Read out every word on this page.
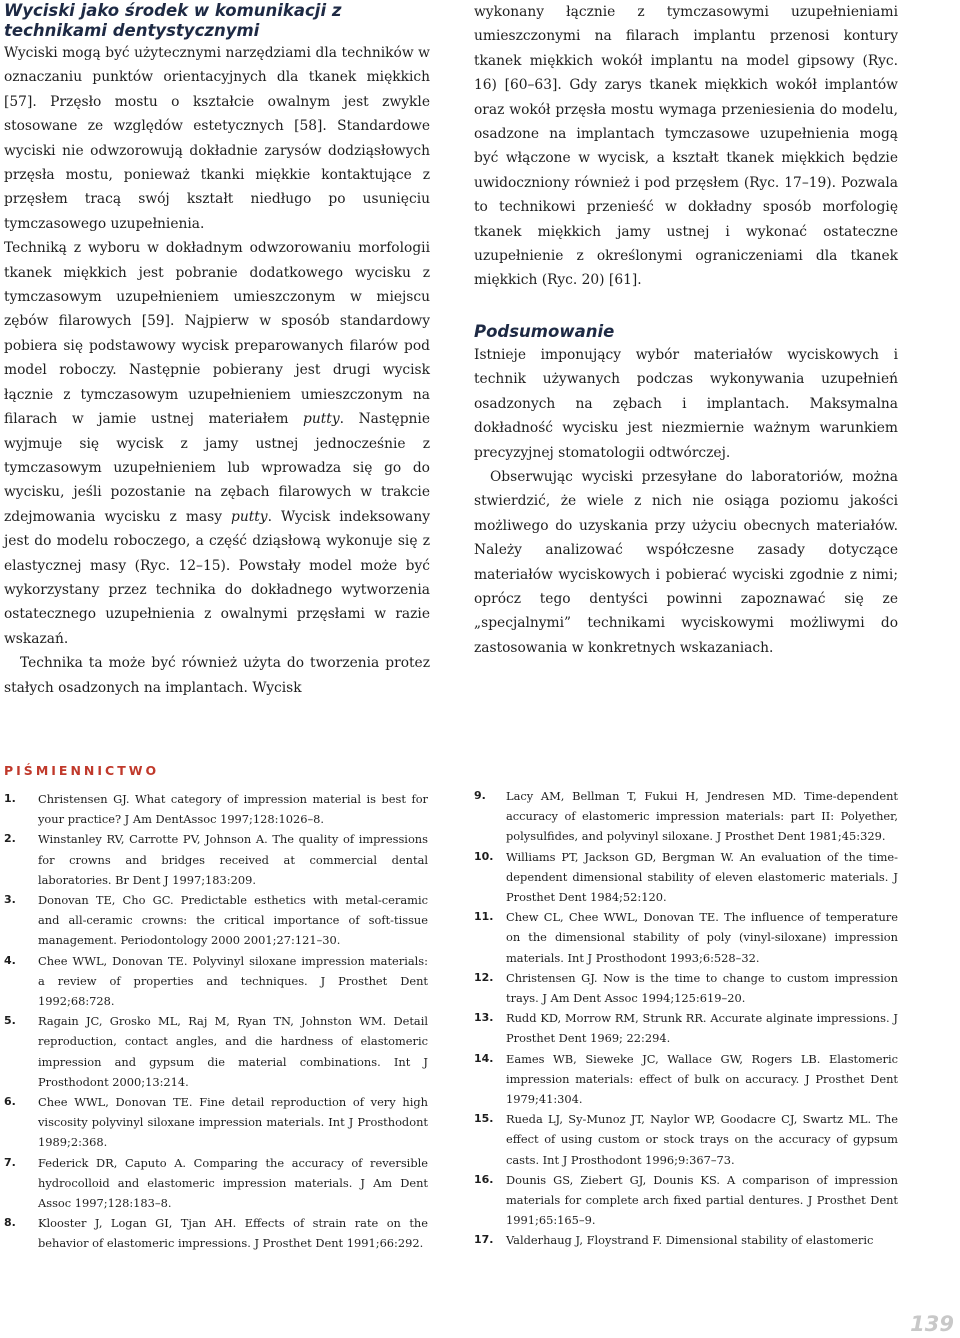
Wyciski jako środek w komunikacji z technikami dentystycznymi

Wyciski mogą być użytecznymi narzędziami dla techników w oznaczaniu punktów orientacyjnych dla tkanek miękkich [57]. Przęsło mostu o kształcie owalnym jest zwykle stosowane ze względów estetycznych [58]. Standardowe wyciski nie odwzorowują dokładnie zarysów dodziąsłowych przęsła mostu, ponieważ tkanki miękkie kontaktujące z przęsłem tracą swój kształt niedługo po usunięciu tymczasowego uzupełnienia.

Techniką z wyboru w dokładnym odwzorowaniu morfologii tkanek miękkich jest pobranie dodatkowego wycisku z tymczasowym uzupełnieniem umieszczonym w miejscu zębów filarowych [59]. Najpierw w sposób standardowy pobiera się podstawowy wycisk preparowanych filarów pod model roboczy. Następnie pobierany jest drugi wycisk łącznie z tymczasowym uzupełnieniem umieszczonym na filarach w jamie ustnej materiałem putty. Następnie wyjmuje się wycisk z jamy ustnej jednocześnie z tymczasowym uzupełnieniem lub wprowadza się go do wycisku, jeśli pozostanie na zębach filarowych w trakcie zdejmowania wycisku z masy putty. Wycisk indeksowany jest do modelu roboczego, a część dziąsłową wykonuje się z elastycznej masy (Ryc. 12–15). Powstały model może być wykorzystany przez technika do dokładnego wytworzenia ostatecznego uzupełnienia z owalnymi przęsłami w razie wskazań.

Technika ta może być również użyta do tworzenia protez stałych osadzonych na implantach. Wycisk

wykonany łącznie z tymczasowymi uzupełnieniami umieszczonymi na filarach implantu przenosi kontury tkanek miękkich wokół implantu na model gipsowy (Ryc. 16) [60–63]. Gdy zarys tkanek miękkich wokół implantów oraz wokół przęsła mostu wymaga przeniesienia do modelu, osadzone na implantach tymczasowe uzupełnienia mogą być włączone w wycisk, a kształt tkanek miękkich będzie uwidoczniony również i pod przęsłem (Ryc. 17–19). Pozwala to technikowi przenieść w dokładny sposób morfologię tkanek miękkich jamy ustnej i wykonać ostateczne uzupełnienie z określonymi ograniczeniami dla tkanek miękkich (Ryc. 20) [61].

Podsumowanie

Istnieje imponujący wybór materiałów wyciskowych i technik używanych podczas wykonywania uzupełnień osadzonych na zębach i implantach. Maksymalna dokładność wycisku jest niezmiernie ważnym warunkiem precyzyjnej stomatologii odtwórczej.

Obserwując wyciski przesyłane do laboratoriów, można stwierdzić, że wiele z nich nie osiąga poziomu jakości możliwego do uzyskania przy użyciu obecnych materiałów. Należy analizować współczesne zasady dotyczące materiałów wyciskowych i pobierać wyciski zgodnie z nimi; oprócz tego dentyści powinni zapoznawać się ze „specjalnymi” technikami wyciskowymi możliwymi do zastosowania w konkretnych wskazaniach.

PIŚMIENNICTWO
1.	Christensen GJ. What category of impression material is best for your practice? J Am DentAssoc 1997;128:1026–8.
2.	Winstanley RV, Carrotte PV, Johnson A. The quality of impressions for crowns and bridges received at commercial dental laboratories. Br Dent J 1997;183:209.
3.	Donovan TE, Cho GC. Predictable esthetics with metal-ceramic and all-ceramic crowns: the critical importance of soft-tissue management. Periodontology 2000 2001;27:121–30.
4.	Chee WWL, Donovan TE. Polyvinyl siloxane impression materials: a review of properties and techniques. J Prosthet Dent 1992;68:728.
5.	Ragain JC, Grosko ML, Raj M, Ryan TN, Johnston WM. Detail reproduction, contact angles, and die hardness of elastomeric impression and gypsum die material combinations. Int J Prosthodont 2000;13:214.
6.	Chee WWL, Donovan TE. Fine detail reproduction of very high viscosity polyvinyl siloxane impression materials. Int J Prosthodont 1989;2:368.
7.	Federick DR, Caputo A. Comparing the accuracy of reversible hydrocolloid and elastomeric impression materials. J Am Dent Assoc 1997;128:183–8.
8.	Klooster J, Logan GI, Tjan AH. Effects of strain rate on the behavior of elastomeric impressions. J Prosthet Dent 1991;66:292.
9.	Lacy AM, Bellman T, Fukui H, Jendresen MD. Time-dependent accuracy of elastomeric impression materials: part II: Polyether, polysulfides, and polyvinyl siloxane. J Prosthet Dent 1981;45:329.
10.	Williams PT, Jackson GD, Bergman W. An evaluation of the time-dependent dimensional stability of eleven elastomeric materials. J Prosthet Dent 1984;52:120.
11.	Chew CL, Chee WWL, Donovan TE. The influence of temperature on the dimensional stability of poly (vinyl-siloxane) impression materials. Int J Prosthodont 1993;6:528–32.
12.	Christensen GJ. Now is the time to change to custom impression trays. J Am Dent Assoc 1994;125:619–20.
13.	Rudd KD, Morrow RM, Strunk RR. Accurate alginate impressions. J Prosthet Dent 1969; 22:294.
14.	Eames WB, Sieweke JC, Wallace GW, Rogers LB. Elastomeric impression materials: effect of bulk on accuracy. J Prosthet Dent 1979;41:304.
15.	Rueda LJ, Sy-Munoz JT, Naylor WP, Goodacre CJ, Swartz ML. The effect of using custom or stock trays on the accuracy of gypsum casts. Int J Prosthodont 1996;9:367–73.
16.	Dounis GS, Ziebert GJ, Dounis KS. A comparison of impression materials for complete arch fixed partial dentures. J Prosthet Dent 1991;65:165–9.
17.	Valderhaug J, Floystrand F. Dimensional stability of elastomeric
139
